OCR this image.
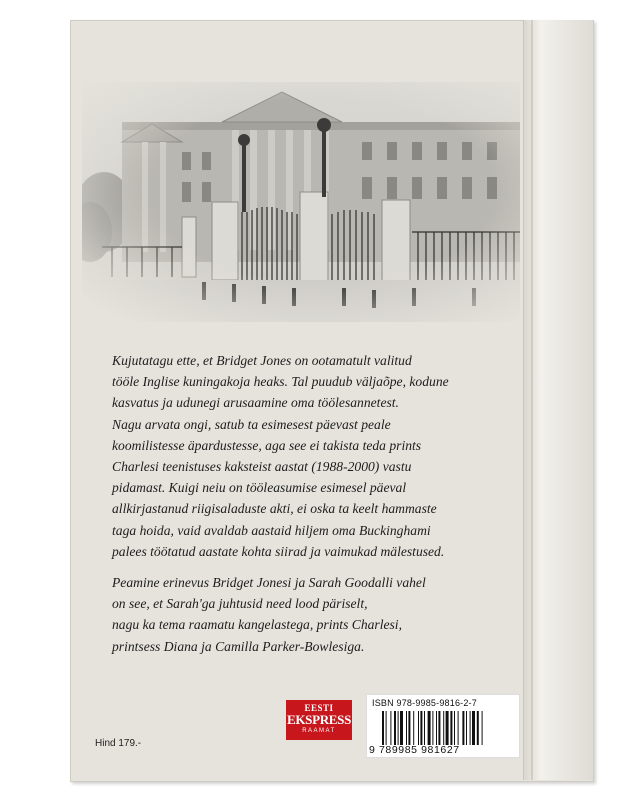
Kujutatagu ette, et Bridget Jones on ootamatult valitud

tööle Inglise kuningakoja heaks. Tal puudub väljaõpe, kodune

kasvatus ja udunegi arusaamine oma töölesannetest.

Nagu arvata ongi, satub ta esimesest päevast peale

koomilistesse äpardustesse, aga see ei takista teda prints

Charlesi teenistuses kaksteist aastat (1988-2000) vastu

pidamast. Kuigi neiu on tööleasumise esimesel päeval

allkirjastanud riigisaladuste akti, ei oska ta keelt hammaste

taga hoida, vaid avaldab aastaid hiljem oma Buckinghami

palees töötatud aastate kohta siirad ja vaimukad mälestused.

Peamine erinevus Bridget Jonesi ja Sarah Goodalli vahel

on see, et Sarah'ga juhtusid need lood päriselt,

nagu ka tema raamatu kangelastega, prints Charlesi,

printsess Diana ja Camilla Parker-Bowlesiga.

Hind 179.-
EESTI
EKSPRESS
RAAMAT
ISBN 978-9985-9816-2-7
9 789985 981627
